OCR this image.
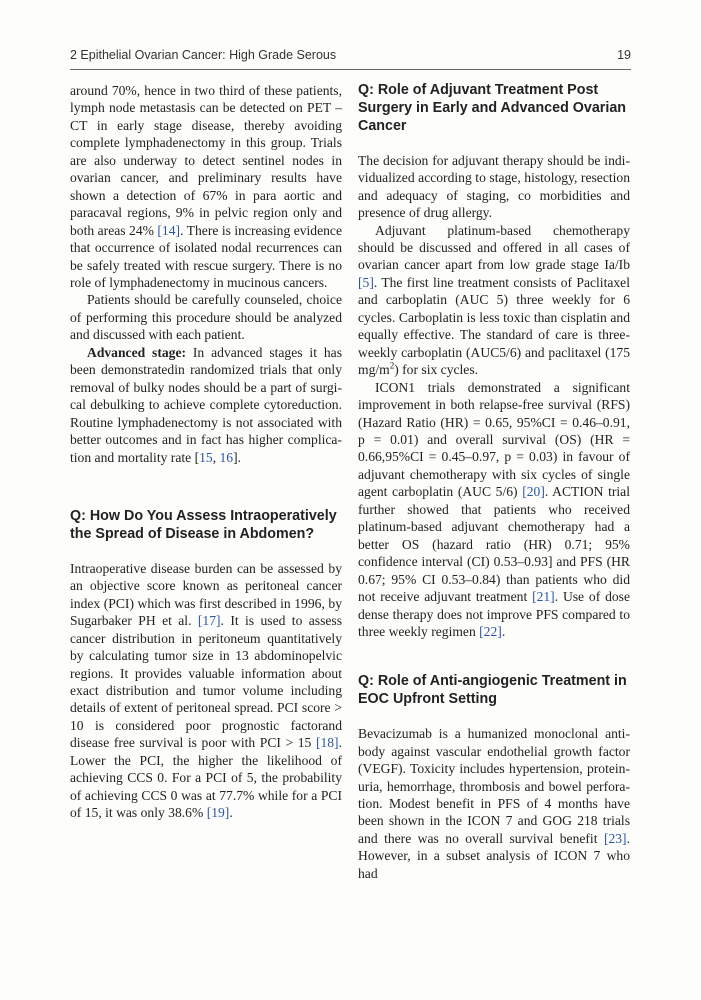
2 Epithelial Ovarian Cancer: High Grade Serous	19

around 70%, hence in two third of these patients, lymph node metastasis can be detected on PET –CT in early stage disease, thereby avoiding complete lymphadenectomy in this group. Trials are also underway to detect sentinel nodes in ovarian cancer, and preliminary results have shown a detection of 67% in para aortic and paracaval regions, 9% in pelvic region only and both areas 24% [14]. There is increasing evidence that occurrence of isolated nodal recurrences can be safely treated with rescue surgery. There is no role of lymphadenectomy in mucinous cancers.

Patients should be carefully counseled, choice of performing this procedure should be analyzed and discussed with each patient.

Advanced stage: In advanced stages it has been demonstratedin randomized trials that only removal of bulky nodes should be a part of surgical debulking to achieve complete cytoreduction. Routine lymphadenectomy is not associated with better outcomes and in fact has higher complication and mortality rate [15, 16].

Q: How Do You Assess Intraoperatively the Spread of Disease in Abdomen?

Intraoperative disease burden can be assessed by an objective score known as peritoneal cancer index (PCI) which was first described in 1996, by Sugarbaker PH et al. [17]. It is used to assess cancer distribution in peritoneum quantitatively by calculating tumor size in 13 abdominopelvic regions. It provides valuable information about exact distribution and tumor volume including details of extent of peritoneal spread. PCI score > 10 is considered poor prognostic factorand disease free survival is poor with PCI > 15 [18]. Lower the PCI, the higher the likelihood of achieving CCS 0. For a PCI of 5, the probability of achieving CCS 0 was at 77.7% while for a PCI of 15, it was only 38.6% [19].

Q: Role of Adjuvant Treatment Post Surgery in Early and Advanced Ovarian Cancer

The decision for adjuvant therapy should be individualized according to stage, histology, resection and adequacy of staging, co morbidities and presence of drug allergy.

Adjuvant platinum-based chemotherapy should be discussed and offered in all cases of ovarian cancer apart from low grade stage Ia/Ib [5]. The first line treatment consists of Paclitaxel and carboplatin (AUC 5) three weekly for 6 cycles. Carboplatin is less toxic than cisplatin and equally effective. The standard of care is three-weekly carboplatin (AUC5/6) and paclitaxel (175 $mg/m^2$) for six cycles.

ICON1 trials demonstrated a significant improvement in both relapse-free survival (RFS) (Hazard Ratio (HR) = 0.65, 95%CI = 0.46–0.91, p = 0.01) and overall survival (OS) (HR = 0.66,95%CI = 0.45–0.97, p = 0.03) in favour of adjuvant chemotherapy with six cycles of single agent carboplatin (AUC 5/6) [20]. ACTION trial further showed that patients who received platinum-based adjuvant chemotherapy had a better OS (hazard ratio (HR) 0.71; 95% confidence interval (CI) 0.53–0.93] and PFS (HR 0.67; 95% CI 0.53–0.84) than patients who did not receive adjuvant treatment [21]. Use of dose dense therapy does not improve PFS compared to three weekly regimen [22].

Q: Role of Anti-angiogenic Treatment in EOC Upfront Setting

Bevacizumab is a humanized monoclonal antibody against vascular endothelial growth factor (VEGF). Toxicity includes hypertension, proteinuria, hemorrhage, thrombosis and bowel perforation. Modest benefit in PFS of 4 months have been shown in the ICON 7 and GOG 218 trials and there was no overall survival benefit [23]. However, in a subset analysis of ICON 7 who had
